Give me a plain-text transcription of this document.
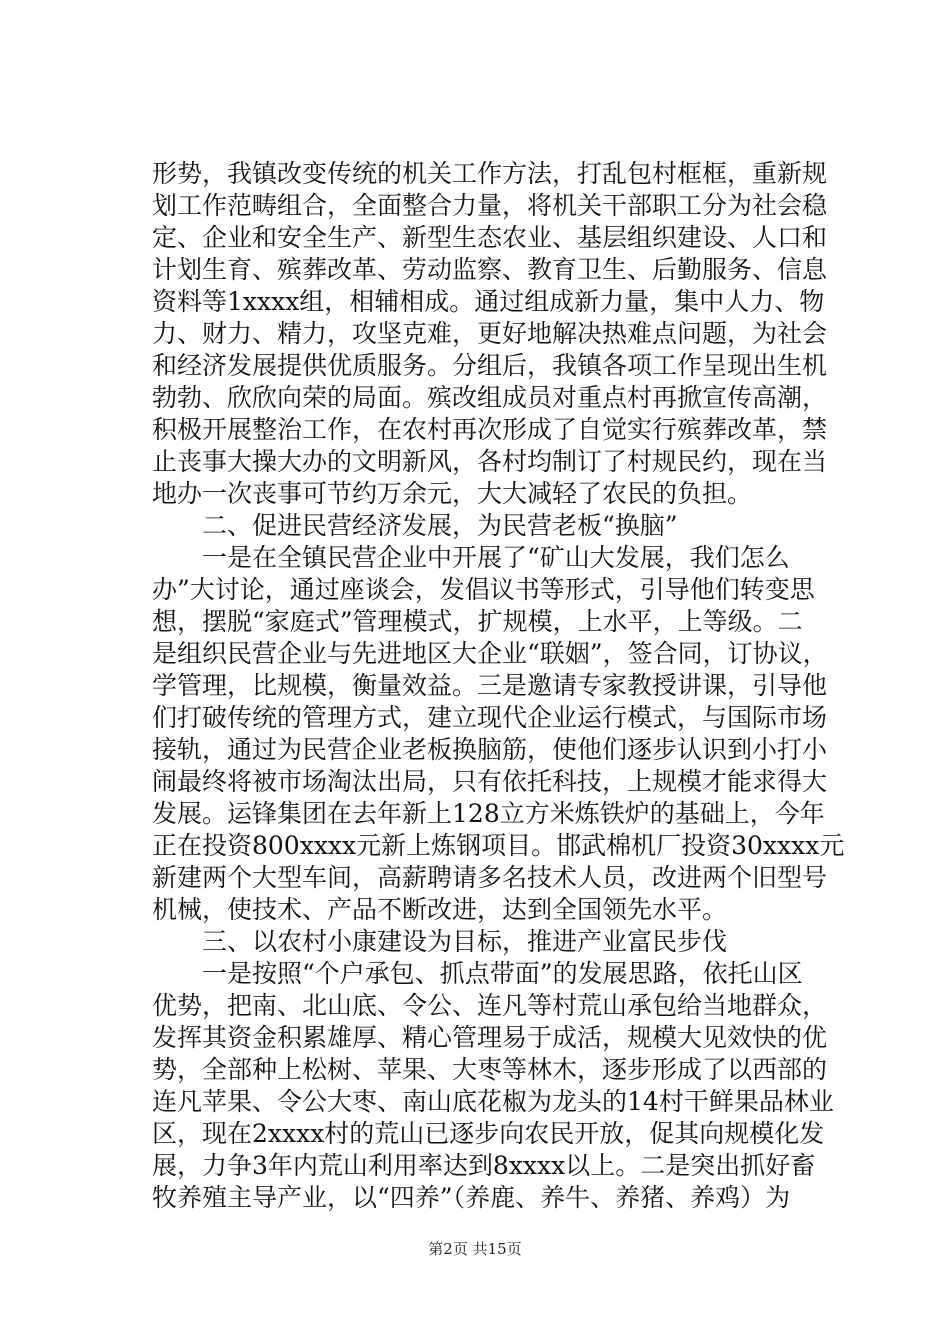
形势，我镇改变传统的机关工作方法，打乱包村框框，重新规
划工作范畴组合，全面整合力量，将机关干部职工分为社会稳
定、企业和安全生产、新型生态农业、基层组织建设、人口和
计划生育、殡葬改革、劳动监察、教育卫生、后勤服务、信息
资料等1xxxx组，相辅相成。通过组成新力量，集中人力、物
力、财力、精力，攻坚克难，更好地解决热难点问题，为社会
和经济发展提供优质服务。分组后，我镇各项工作呈现出生机
勃勃、欣欣向荣的局面。殡改组成员对重点村再掀宣传高潮，
积极开展整治工作，在农村再次形成了自觉实行殡葬改革，禁
止丧事大操大办的文明新风，各村均制订了村规民约，现在当
地办一次丧事可节约万余元，大大减轻了农民的负担。
　　二、促进民营经济发展，为民营老板“换脑”
　　一是在全镇民营企业中开展了“矿山大发展，我们怎么
办”大讨论，通过座谈会，发倡议书等形式，引导他们转变思
想，摆脱“家庭式”管理模式，扩规模，上水平，上等级。二
是组织民营企业与先进地区大企业“联姻”，签合同，订协议，
学管理，比规模，衡量效益。三是邀请专家教授讲课，引导他
们打破传统的管理方式，建立现代企业运行模式，与国际市场
接轨，通过为民营企业老板换脑筋，使他们逐步认识到小打小
闹最终将被市场淘汰出局，只有依托科技，上规模才能求得大
发展。运锋集团在去年新上128立方米炼铁炉的基础上，今年
正在投资800xxxx元新上炼钢项目。邯武棉机厂投资30xxxx元
新建两个大型车间，高薪聘请多名技术人员，改进两个旧型号
机械，使技术、产品不断改进，达到全国领先水平。
　　三、以农村小康建设为目标，推进产业富民步伐
　　一是按照“个户承包、抓点带面”的发展思路，依托山区
优势，把南、北山底、令公、连凡等村荒山承包给当地群众，
发挥其资金积累雄厚、精心管理易于成活，规模大见效快的优
势，全部种上松树、苹果、大枣等林木，逐步形成了以西部的
连凡苹果、令公大枣、南山底花椒为龙头的14村干鲜果品林业
区，现在2xxxx村的荒山已逐步向农民开放，促其向规模化发
展，力争3年内荒山利用率达到8xxxx以上。二是突出抓好畜
牧养殖主导产业，以“四养”（养鹿、养牛、养猪、养鸡）为
第2页 共15页
